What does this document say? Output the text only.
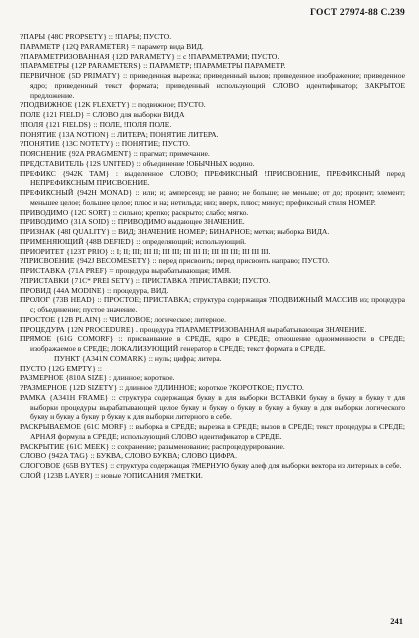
ГОСТ 27974-88 С.239

?ПАРЫ {48C PROPSETY} :: !ПАРЫ; ПУСТО.

ПАРАМЕТР {12Q PARAMETER} = параметр вида ВИД.

?ПАРАМЕТРИЗОВАННАЯ {12D PARAMETY} :: с !ПАРАМЕТРАМИ; ПУСТО.

!ПАРАМЕТРЫ {12P PARAMETERS} :: ПАРАМЕТР; !ПАРАМЕТРЫ ПАРАМЕТР.

ПЕРВИЧНОЕ {5D PRIMATY} :: приведенная вырезка; приведенный вызов; приведенное изображение; приведенное ядро; приведенный текст формата; приведенный использующий СЛОВО идентификатор; ЗАКРЫТОЕ предложение.

?ПОДВИЖНОЕ {12K FLEXETY} :: подвижное; ПУСТО.

ПОЛЕ {121 FIELD} = СЛОВО для выборки ВИДА

!ПОЛЯ {121 FIELDS} :: ПОЛЕ, !ПОЛЯ ПОЛЕ.

ПОНЯТИЕ {13A NOTION} :: ЛИТЕРА; ПОНЯТИЕ ЛИТЕРА.

?ПОНЯТИЕ {13C NOTETY} :: ПОНЯТИЕ; ПУСТО.

ПОЯСНЕНИЕ {92A PRAGMENT} :: прагмат; примечание.

ПРЕДСТАВИТЕЛЬ {12S UNITED} :: объединение !ОБЫЧНЫХ водино.

ПРЕФИКС {942K TAM} : выделенное СЛОВО; ПРЕФИКСНЫЙ !ПРИСВОЕНИЕ, ПРЕФИКСНЫЙ перед НЕПРЕФИКСНЫМ ПРИСВОЕНИЕ.

ПРЕФИКСНЫЙ {942H MONAD} :: или; и; амперсенд; не равно; не больше; не меньше; от до; процент; элемент; меньшее целое; большее целое; плюс и на; нетильда; низ; вверх, плюс; минус; префиксный стиля НОМЕР.

ПРИВОДИМО {12C SORT} :: сильно; крепко; раскрыто; слабо; мягко.

ПРИВОДИМО {31A SOID} :: ПРИВОДИМО выдающее ЗНАЧЕНИЕ.

ПРИЗНАК {48I QUALITY} :: ВИД; ЗНАЧЕНИЕ НОМЕР; БИНАРНОЕ; метки; выборка ВИДА.

ПРИМЕНЯЮЩИЙ {48B DEFIED} :: определяющий; использующий.

ПРИОРИТЕТ {123T PRIO} :: I; II; III; III II; III III; III III II; III III III; III III III.

?ПРИСВОЕНИЕ {942J BECOMESETY} :: перед присвоить; перед присвоить направо; ПУСТО.

ПРИСТАВКА {71A PREF} = процедура вырабатывающая; ИМЯ.

?ПРИСТАВКИ {71C* PREI SETY} :: ПРИСТАВКА ?ПРИСТАВКИ; ПУСТО.

ПРОВИД {44A MODINE} :: процедура, ВИД.

ПРОЛОГ {73B HEAD} :: ПРОСТОЕ; ПРИСТАВКА; структура содержащая ?ПОДВИЖНЫЙ МАССИВ из; процедура с; объединение; пустое значение.

ПРОСТОЕ {12B PLAIN} :: ЧИСЛОВОЕ; логическое; литерное.

ПРОЦЕДУРА {12N PROCEDURE} . процедура ?ПАРАМЕТРИЗОВАННАЯ вырабатывающая ЗНАЧЕНИЕ.

ПРЯМОЕ {61G COMORF} :: присваивание в СРЕДЕ, ядро в СРЕДЕ; отношение одноименности в СРЕДЕ; изображаемое в СРЕДЕ; ЛОКАЛИЗУЮЩИЙ генератор в СРЕДЕ; текст формата в СРЕДЕ.

ПУНКТ {A341N COMARK} :: нуль; цифра; литера.

ПУСТО {12G EMPTY} ::

РАЗМЕРНОЕ {810A SIZE} : длинное; короткое.

?РАЗМЕРНОЕ {12D SIZETY} :: длинное ?ДЛИННОЕ; короткое ?КОРОТКОЕ; ПУСТО.

РАМКА {A341H FRAME} :: структура содержащая букву в для выборки ВСТАВКИ букву в букву в букву т для выборки процедуры вырабатывающей целое букву н букву о букву в букву а букву в для выборки логического букву и букву а букву р букву к для выборки литерного в себе.

РАСКРЫВАЕМОЕ {61C MORF} :: выборка в СРЕДЕ; вырезка в СРЕДЕ; вызов в СРЕДЕ; текст процедуры в СРЕДЕ; АРНАЯ формула в СРЕДЕ; использующий СЛОВО идентификатор в СРЕДЕ.

РАСКРЫТИЕ {61C MEEK} :: сохранение; разыменование; распроцедурирование.

СЛОВО {942A TAG} :: БУКВА, СЛОВО БУКВА; СЛОВО ЦИФРА.

СЛОГОВОЕ {65B BYTES} :: структура содержащая ?МЕРНУЮ букву алеф для выборки вектора из литерных в себе.

СЛОЙ {123B LAYER} :: новые ?ОПИСАНИЯ ?МЕТКИ.

241
